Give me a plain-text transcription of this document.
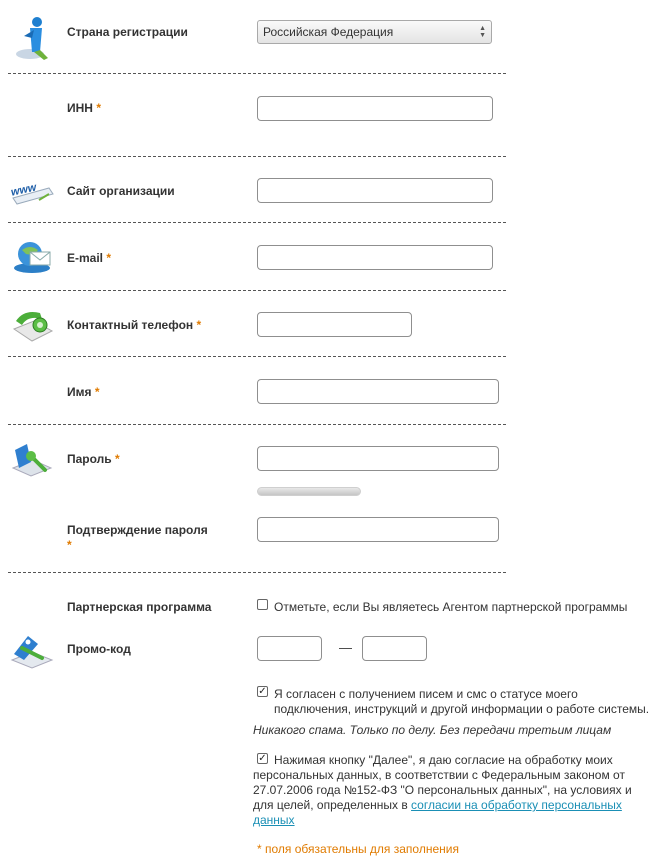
Страна регистрации	Российская Федерация	▲
▼
ИНН *
www Сайт организации
E-mail *
Контактный телефон *
Имя *
Пароль *
Подтверждение пароля
*
Партнерская программа	Отметьте, если Вы являетесь Агентом партнерской программы
Промо-код	—
✓ Я согласен с получением писем и смс о статусе моего
подключения, инструкций и другой информации о работе системы.
Никакого спама. Только по делу. Без передачи третьим лицам
✓ Нажимая кнопку "Далее", я даю согласие на обработку моих
персональных данных, в соответствии с Федеральным законом от
27.07.2006 года №152-ФЗ "О персональных данных", на условиях и
для целей, определенных в согласии на обработку персональных
данных
* поля обязательны для заполнения
